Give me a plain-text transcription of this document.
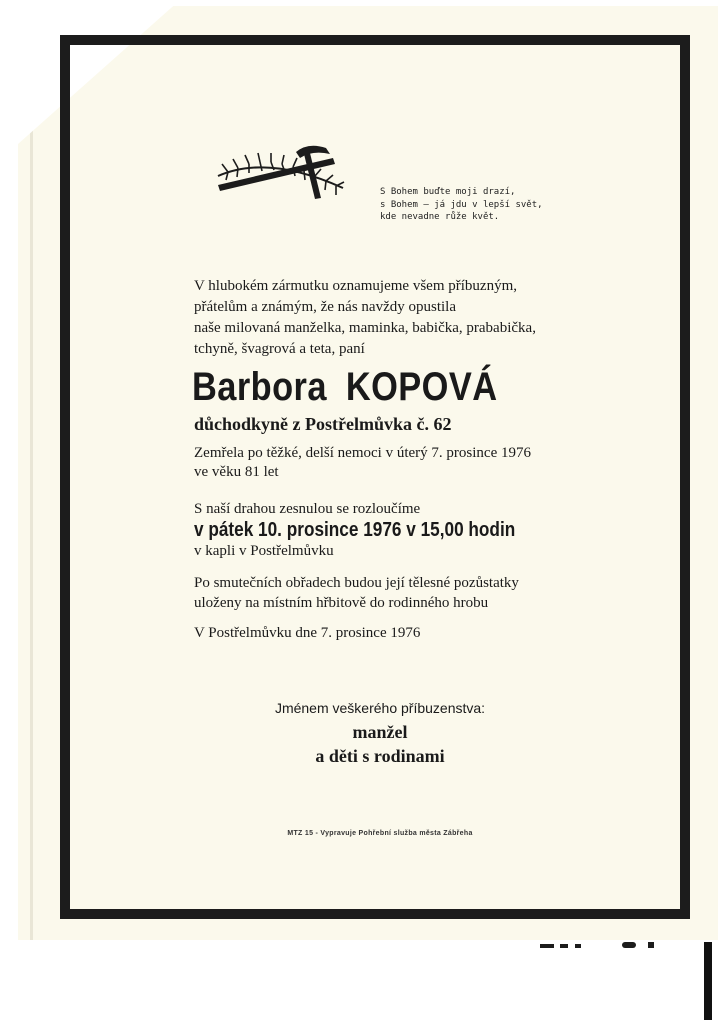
S Bohem buďte moji drazí,
s Bohem — já jdu v lepší svět,
kde nevadne růže květ.
V hlubokém zármutku oznamujeme všem příbuzným,
přátelům a známým, že nás navždy opustila
naše milovaná manželka, maminka, babička, prababička,
tchyně, švagrová a teta, paní
Barbora KOPOVÁ
důchodkyně z Postřelmůvka č. 62
Zemřela po těžké, delší nemoci v úterý 7. prosince 1976
ve věku 81 let
S naší drahou zesnulou se rozloučíme
v pátek 10. prosince 1976 v 15,00 hodin
v kapli v Postřelmůvku
Po smutečních obřadech budou její tělesné pozůstatky
uloženy na místním hřbitově do rodinného hrobu
V Postřelmůvku dne 7. prosince 1976
Jménem veškerého příbuzenstva:
manžel
a děti s rodinami
MTZ 15 - Vypravuje Pohřební služba města Zábřeha
